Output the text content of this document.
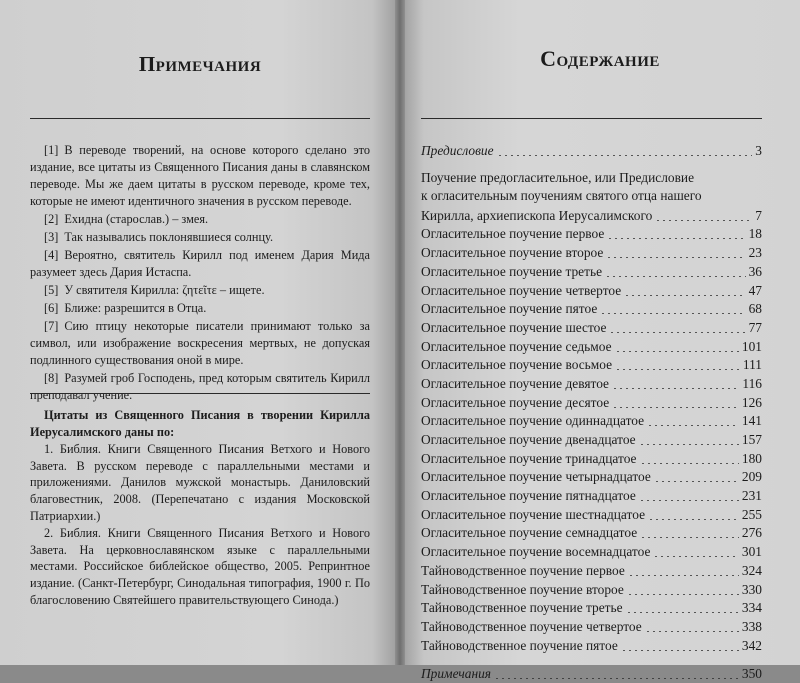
Примечания

[1] В переводе творений, на основе которого сделано это издание, все цитаты из Священного Писания даны в славянском переводе. Мы же даем цитаты в русском переводе, кроме тех, которые не имеют идентичного значения в русском переводе.

[2] Ехидна (старослав.) – змея.

[3] Так назывались поклонявшиеся солнцу.

[4] Вероятно, святитель Кирилл под именем Дария Мида разумеет здесь Дария Истаспа.

[5] У святителя Кирилла: ζητεῖτε – ищете.

[6] Ближе: разрешится в Отца.

[7] Сию птицу некоторые писатели принимают только за символ, или изображение воскресения мертвых, не допуская подлинного существования оной в мире.

[8] Разумей гроб Господень, пред которым святитель Кирилл преподавал учение.

Цитаты из Священного Писания в творении Кирилла Иерусалимского даны по:

1. Библия. Книги Священного Писания Ветхого и Нового Завета. В русском переводе с параллельными местами и приложениями. Данилов мужской монастырь. Даниловский благовестник, 2008. (Перепечатано с издания Московской Патриархии.)

2. Библия. Книги Священного Писания Ветхого и Нового Завета. На церковнославянском языке с параллельными местами. Российское библейское общество, 2005. Репринтное издание. (Санкт-Петербург, Синодальная типография, 1900 г. По благословению Святейшего правительствующего Синода.)

Содержание
Предисловие	3
Поучение предогласительное, или Предисловие
к огласительным поучениям святого отца нашего
Кирилла, архиепископа Иерусалимского	7
Огласительное поучение первое	18
Огласительное поучение второе	23
Огласительное поучение третье	36
Огласительное поучение четвертое	47
Огласительное поучение пятое	68
Огласительное поучение шестое	77
Огласительное поучение седьмое	101
Огласительное поучение восьмое	111
Огласительное поучение девятое	116
Огласительное поучение десятое	126
Огласительное поучение одиннадцатое	141
Огласительное поучение двенадцатое	157
Огласительное поучение тринадцатое	180
Огласительное поучение четырнадцатое	209
Огласительное поучение пятнадцатое	231
Огласительное поучение шестнадцатое	255
Огласительное поучение семнадцатое	276
Огласительное поучение восемнадцатое	301
Тайноводственное поучение первое	324
Тайноводственное поучение второе	330
Тайноводственное поучение третье	334
Тайноводственное поучение четвертое	338
Тайноводственное поучение пятое	342
Примечания	350
